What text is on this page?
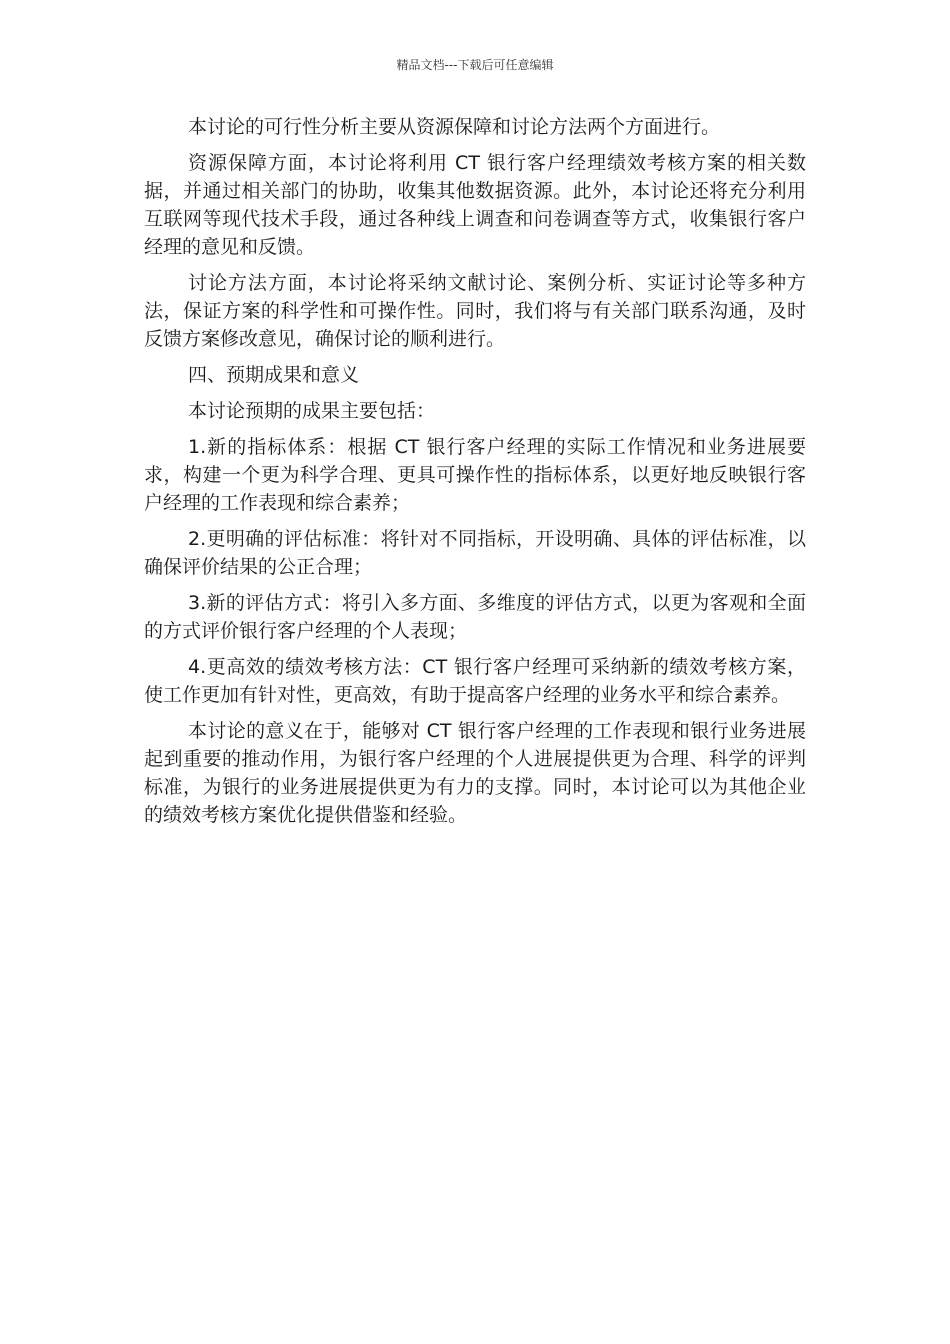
精品文档---下载后可任意编辑

本讨论的可行性分析主要从资源保障和讨论方法两个方面进行。

资源保障方面，本讨论将利用 CT 银行客户经理绩效考核方案的相关数据，并通过相关部门的协助，收集其他数据资源。此外，本讨论还将充分利用互联网等现代技术手段，通过各种线上调查和问卷调查等方式，收集银行客户经理的意见和反馈。

讨论方法方面，本讨论将采纳文献讨论、案例分析、实证讨论等多种方法，保证方案的科学性和可操作性。同时，我们将与有关部门联系沟通，及时反馈方案修改意见，确保讨论的顺利进行。

四、预期成果和意义

本讨论预期的成果主要包括：

1.新的指标体系：根据 CT 银行客户经理的实际工作情况和业务进展要求，构建一个更为科学合理、更具可操作性的指标体系，以更好地反映银行客户经理的工作表现和综合素养；

2.更明确的评估标准：将针对不同指标，开设明确、具体的评估标准，以确保评价结果的公正合理；

3.新的评估方式：将引入多方面、多维度的评估方式，以更为客观和全面的方式评价银行客户经理的个人表现；

4.更高效的绩效考核方法：CT 银行客户经理可采纳新的绩效考核方案，使工作更加有针对性，更高效，有助于提高客户经理的业务水平和综合素养。

本讨论的意义在于，能够对 CT 银行客户经理的工作表现和银行业务进展起到重要的推动作用，为银行客户经理的个人进展提供更为合理、科学的评判标准，为银行的业务进展提供更为有力的支撑。同时，本讨论可以为其他企业的绩效考核方案优化提供借鉴和经验。
